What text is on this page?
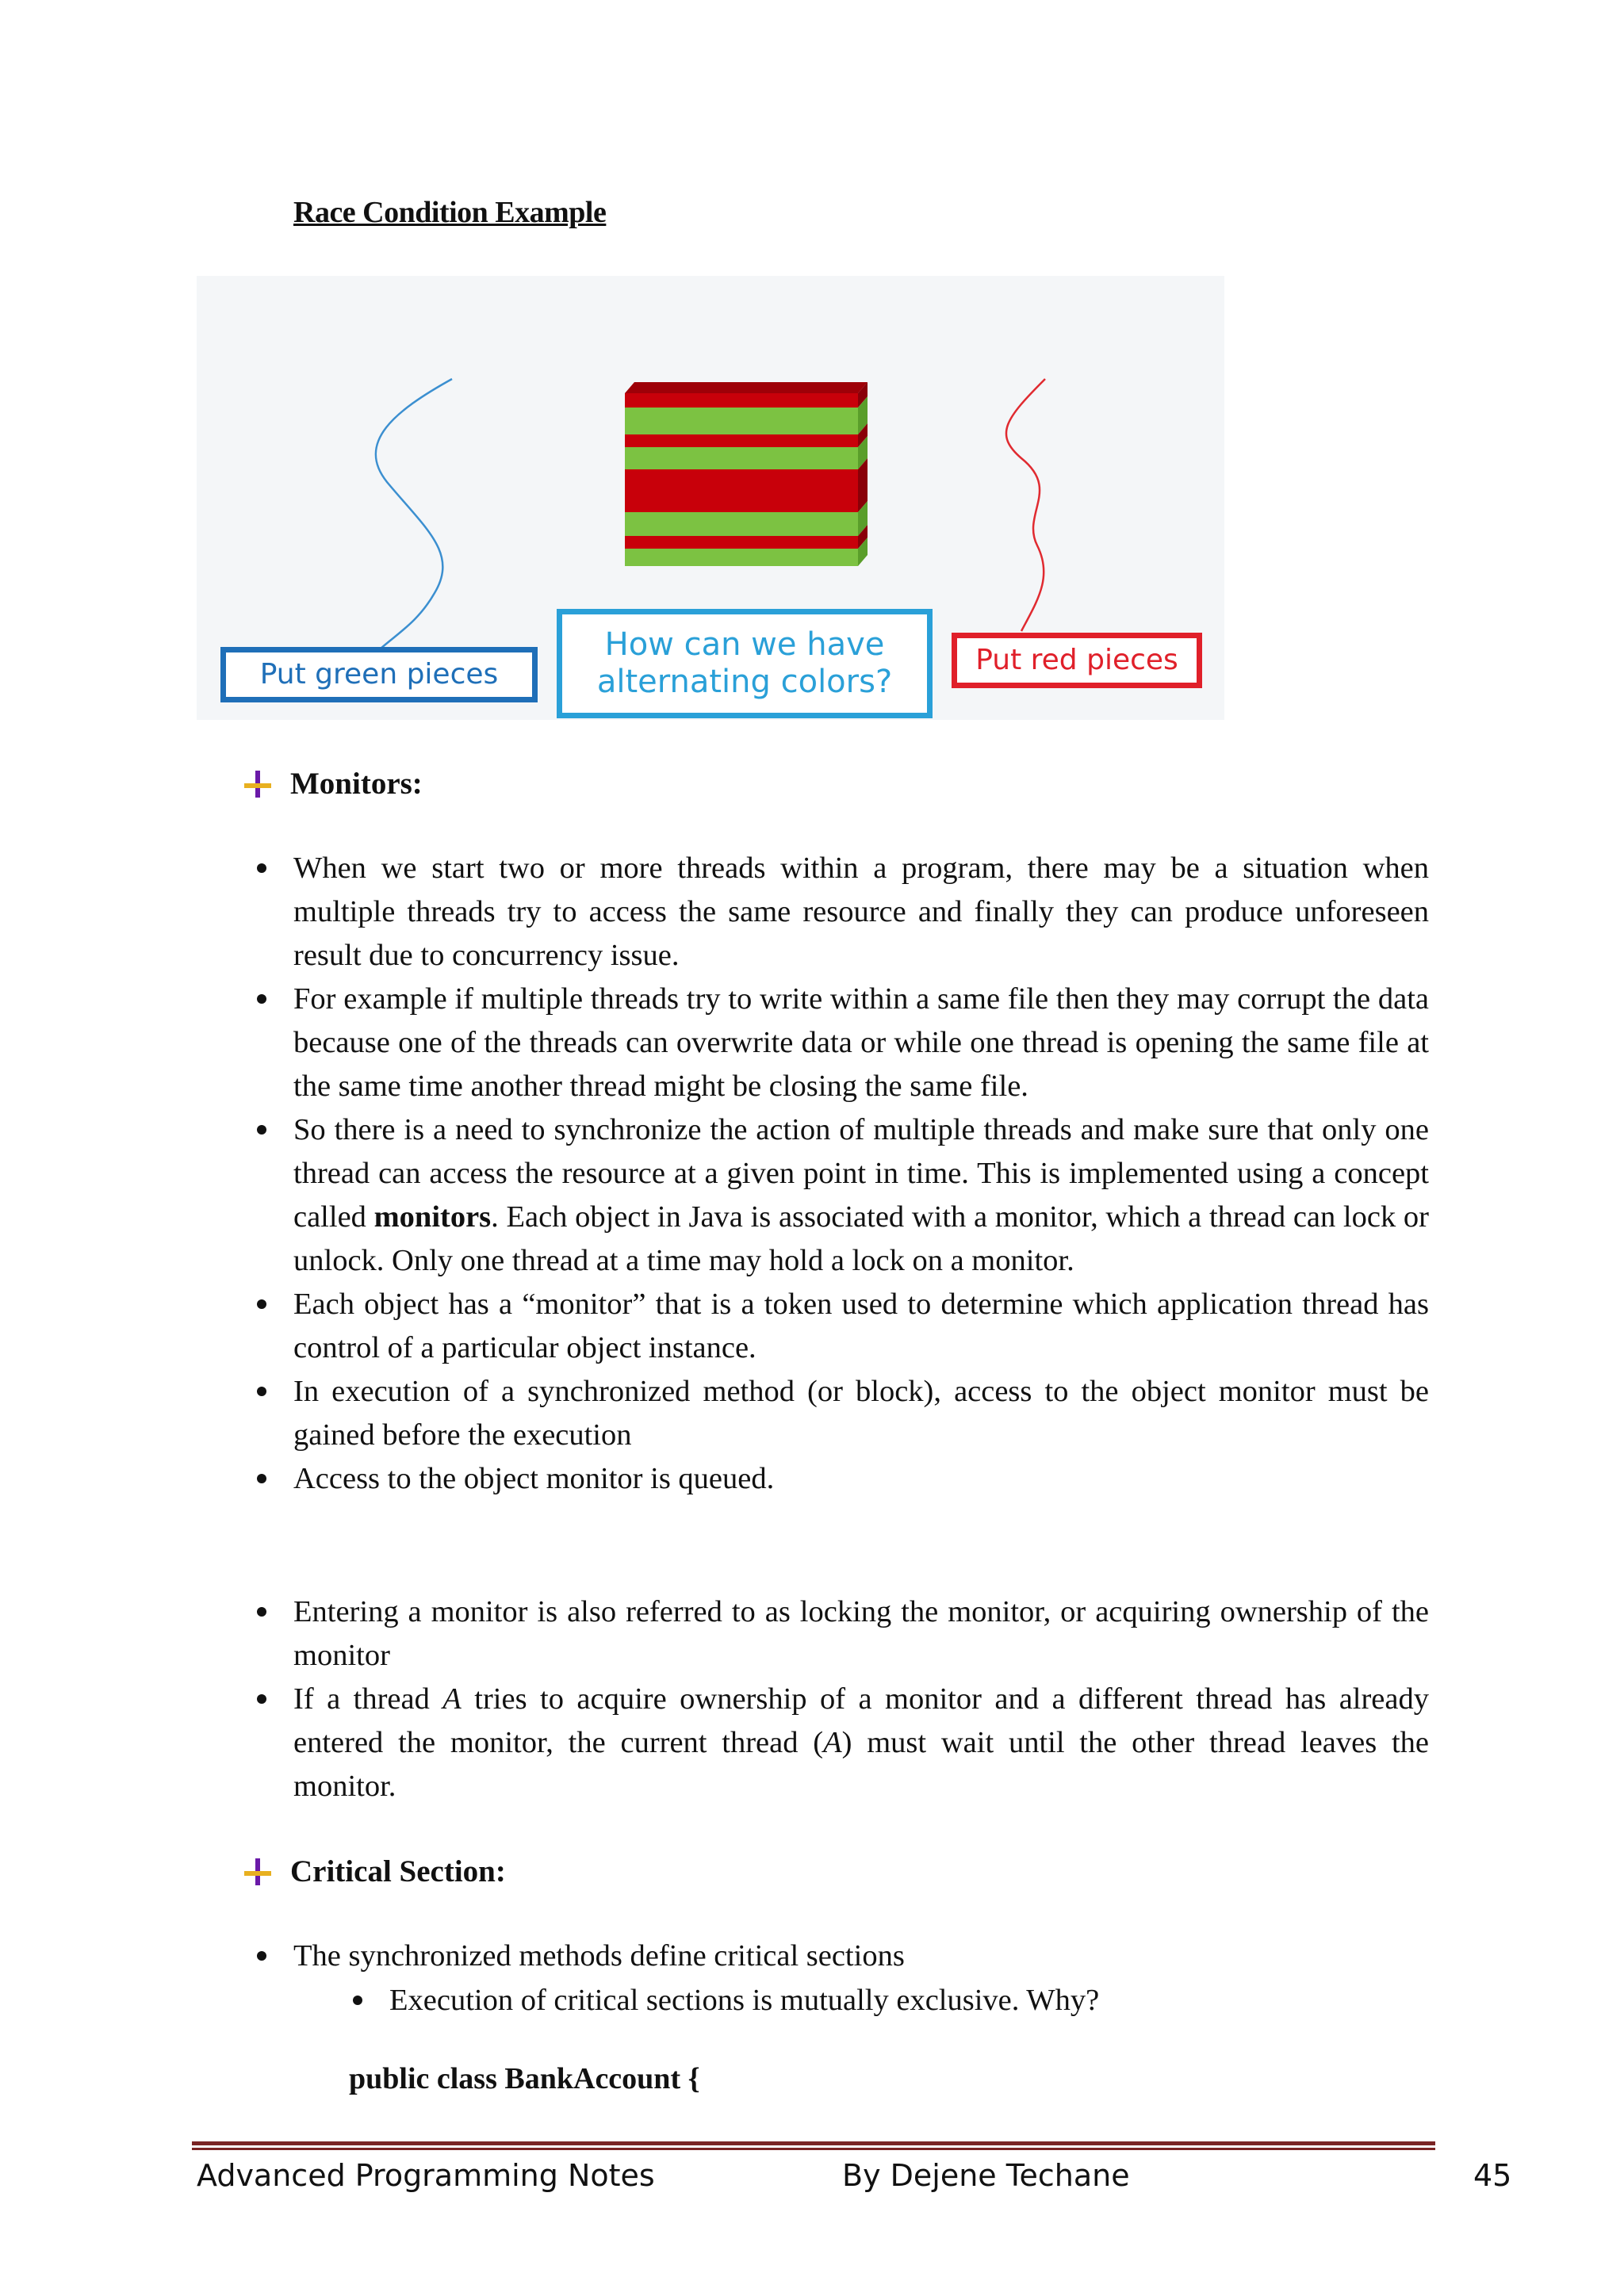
Race Condition Example
Put green pieces
How can we have
alternating colors?
Put red pieces
Monitors:
When we start two or more threads within a program, there may be a situation when multiple threads try to access the same resource and finally they can produce unforeseen result due to concurrency issue.
For example if multiple threads try to write within a same file then they may corrupt the data because one of the threads can overwrite data or while one thread is opening the same file at the same time another thread might be closing the same file.
So there is a need to synchronize the action of multiple threads and make sure that only one thread can access the resource at a given point in time. This is implemented using a concept called monitors. Each object in Java is associated with a monitor, which a thread can lock or unlock. Only one thread at a time may hold a lock on a monitor.
Each object has a “monitor” that is a token used to determine which application thread has control of a particular object instance.
In execution of a synchronized method (or block), access to the object monitor must be gained before the execution
Access to the object monitor is queued.
Entering a monitor is also referred to as locking the monitor, or acquiring ownership of the monitor
If a thread A tries to acquire ownership of a monitor and a different thread has already entered the monitor, the current thread (A) must wait until the other thread leaves the monitor.
Critical Section:
The synchronized methods define critical sections
Execution of critical sections is mutually exclusive. Why?
public class BankAccount {
Advanced Programming Notes	By Dejene Techane	45
